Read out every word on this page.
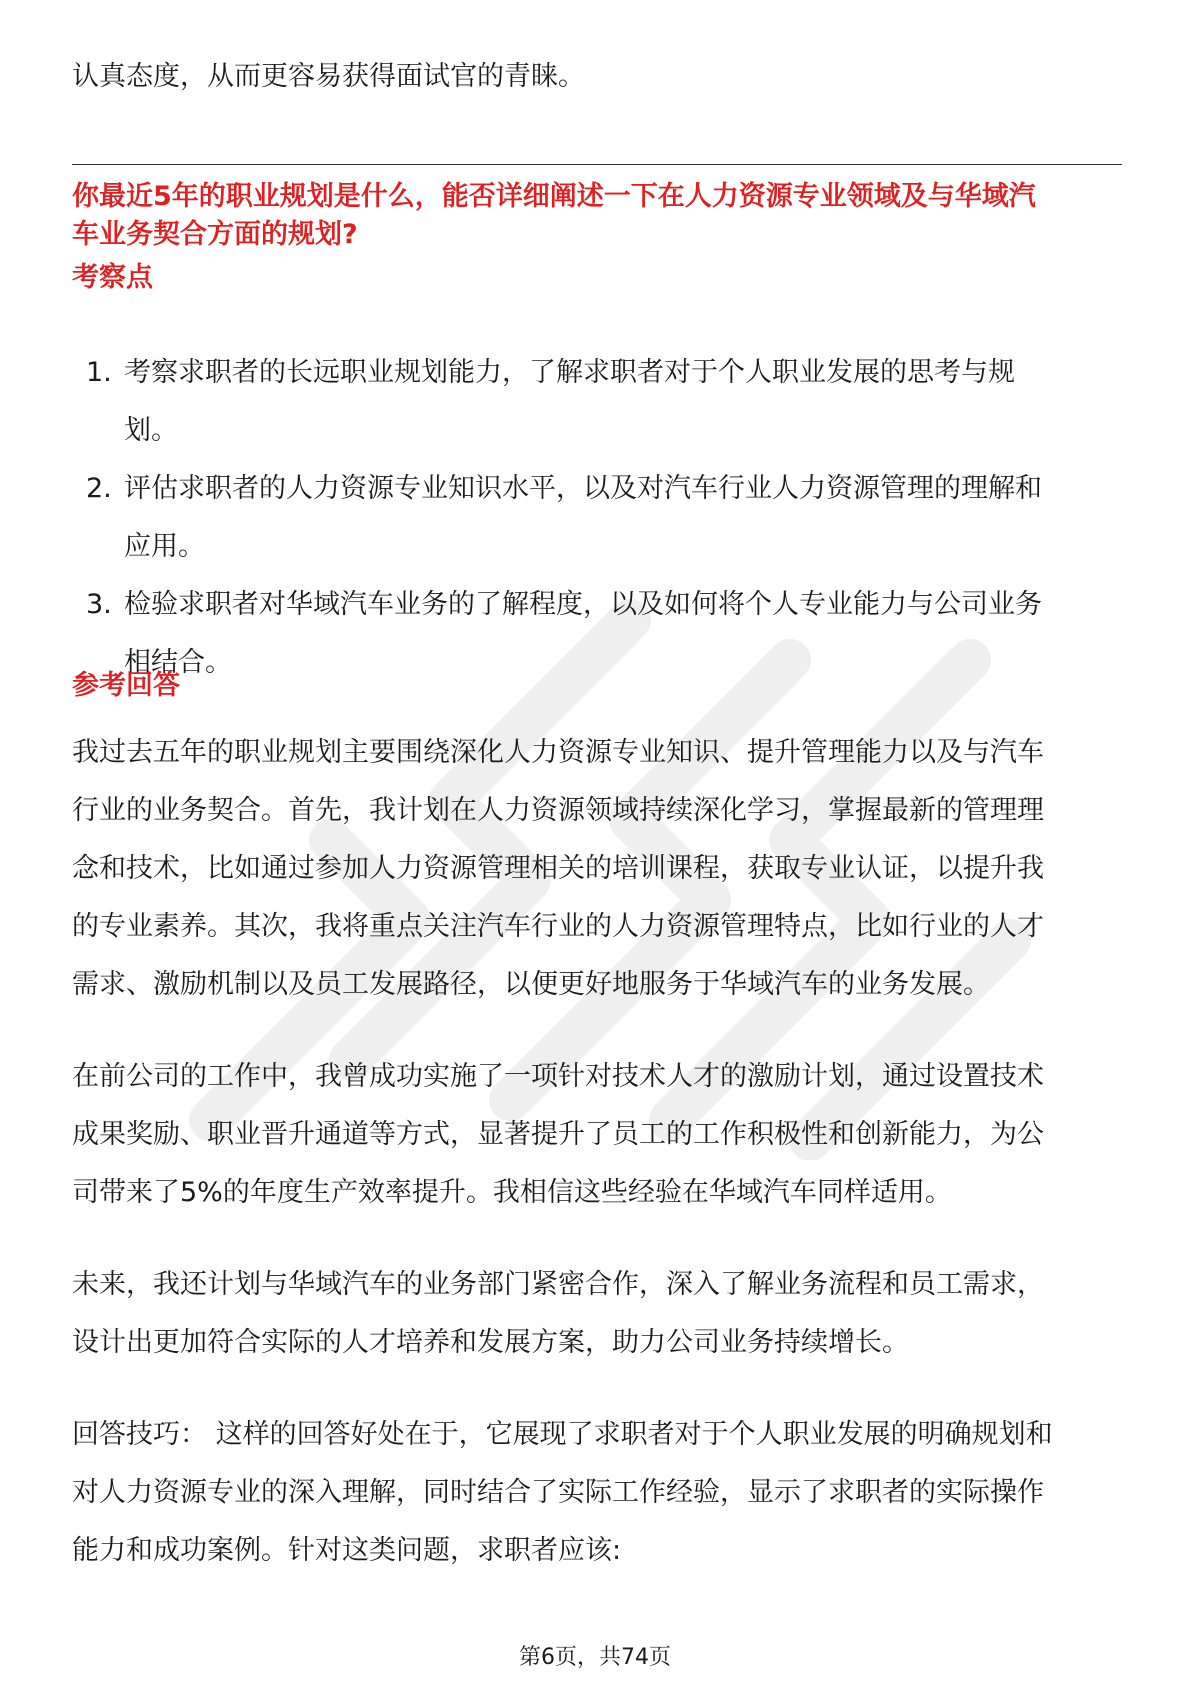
认真态度，从而更容易获得面试官的青睐。
你最近5年的职业规划是什么，能否详细阐述一下在人力资源专业领域及与华域汽
车业务契合方面的规划?
考察点
1. 考察求职者的长远职业规划能力，了解求职者对于个人职业发展的思考与规
划。
2. 评估求职者的人力资源专业知识水平，以及对汽车行业人力资源管理的理解和
应用。
3. 检验求职者对华域汽车业务的了解程度，以及如何将个人专业能力与公司业务
相结合。
参考回答
我过去五年的职业规划主要围绕深化人力资源专业知识、提升管理能力以及与汽车
行业的业务契合。首先，我计划在人力资源领域持续深化学习，掌握最新的管理理
念和技术，比如通过参加人力资源管理相关的培训课程，获取专业认证，以提升我
的专业素养。其次，我将重点关注汽车行业的人力资源管理特点，比如行业的人才
需求、激励机制以及员工发展路径，以便更好地服务于华域汽车的业务发展。
在前公司的工作中，我曾成功实施了一项针对技术人才的激励计划，通过设置技术
成果奖励、职业晋升通道等方式，显著提升了员工的工作积极性和创新能力，为公
司带来了5%的年度生产效率提升。我相信这些经验在华域汽车同样适用。
未来，我还计划与华域汽车的业务部门紧密合作，深入了解业务流程和员工需求，
设计出更加符合实际的人才培养和发展方案，助力公司业务持续增长。
回答技巧： 这样的回答好处在于，它展现了求职者对于个人职业发展的明确规划和
对人力资源专业的深入理解，同时结合了实际工作经验，显示了求职者的实际操作
能力和成功案例。针对这类问题，求职者应该:
第6页，共74页
